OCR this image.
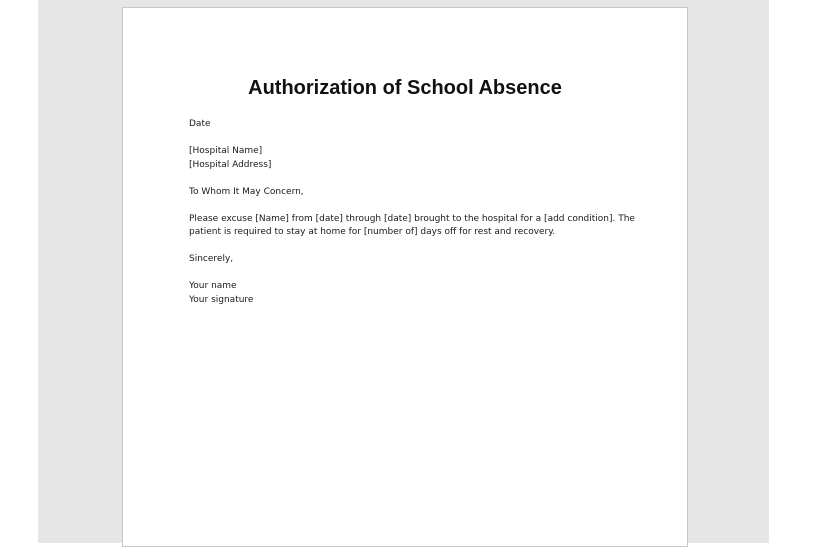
Authorization of School Absence
Date
[Hospital Name]
[Hospital Address]
To Whom It May Concern,
Please excuse [Name] from [date] through [date] brought to the hospital for a [add condition]. The
patient is required to stay at home for [number of] days off for rest and recovery.
Sincerely,
Your name
Your signature
